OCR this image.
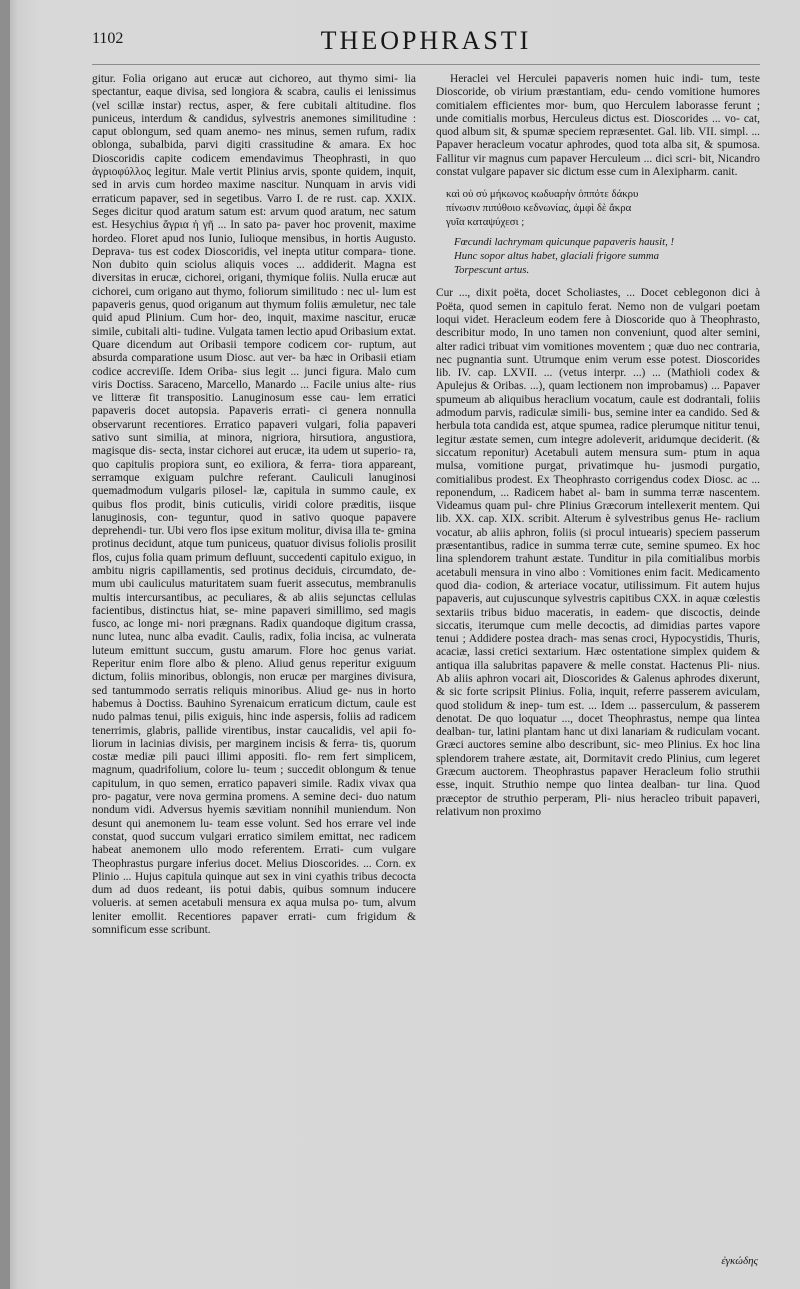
1102	THEOPHRASTI

gitur. Folia origano aut erucæ aut cichoreo, aut thymo simi- lia spectantur, eaque divisa, sed longiora & scabra, caulis ei lenissimus (vel scillæ instar) rectus, asper, & fere cubitali altitudine. flos puniceus, interdum & candidus, sylvestris anemones similitudine : caput oblongum, sed quam anemo- nes minus, semen rufum, radix oblonga, subalbida, parvi digiti crassitudine & amara. Ex hoc Dioscoridis capite codicem emendavimus Theophrasti, in quo ἀγριοφύλλος legitur. Male vertit Plinius arvis, sponte quidem, inquit, sed in arvis cum hordeo maxime nascitur. Nunquam in arvis vidi erraticum papaver, sed in segetibus. Varro I. de re rust. cap. XXIX. Seges dicitur quod aratum satum est: arvum quod aratum, nec satum est. Hesychius ἄγρια ἡ γῆ ... In sato pa- paver hoc provenit, maxime hordeo. Floret apud nos Iunio, Iulioque mensibus, in hortis Augusto. Deprava- tus est codex Dioscoridis, vel inepta utitur compara- tione. Non dubito quin sciolus aliquis voces ... addiderit. Magna est diversitas in erucæ, cichorei, origani, thymique foliis. Nulla erucæ aut cichorei, cum origano aut thymo, foliorum similitudo : nec ul- lum est papaveris genus, quod origanum aut thymum foliis æmuletur, nec tale quid apud Plinium. Cum hor- deo, inquit, maxime nascitur, erucæ simile, cubitali alti- tudine. Vulgata tamen lectio apud Oribasium extat. Quare dicendum aut Oribasii tempore codicem cor- ruptum, aut absurda comparatione usum Diosc. aut ver- ba hæc in Oribasii etiam codice accreviſſe. Idem Oriba- sius legit ... junci figura. Malo cum viris Doctiss. Saraceno, Marcello, Manardo ... Facile unius alte- rius ve litteræ fit transpositio. Lanuginosum esse cau- lem erratici papaveris docet autopsia. Papaveris errati- ci genera nonnulla observarunt recentiores. Erratico papaveri vulgari, folia papaveri sativo sunt similia, at minora, nigriora, hirsutiora, angustiora, magisque dis- secta, instar cichorei aut erucæ, ita udem ut superio- ra, quo capitulis propiora sunt, eo exiliora, & ferra- tiora appareant, serramque exiguam pulchre referant. Cauliculi lanuginosi quemadmodum vulgaris pilosel- læ, capitula in summo caule, ex quibus flos prodit, binis cuticulis, viridi colore præditis, iisque lanuginosis, con- teguntur, quod in sativo quoque papavere deprehendi- tur. Ubi vero flos ipse exitum molitur, divisa illa te- gmina protinus decidunt, atque tum puniceus, quatuor divisus foliolis prosilit flos, cujus folia quam primum defluunt, succedenti capitulo exiguo, in ambitu nigris capillamentis, sed protinus deciduis, circumdato, de- mum ubi cauliculus maturitatem suam fuerit assecutus, membranulis multis intercursantibus, ac peculiares, & ab aliis sejunctas cellulas facientibus, distinctus hiat, se- mine papaveri simillimo, sed magis fusco, ac longe mi- nori prægnans. Radix quandoque digitum crassa, nunc lutea, nunc alba evadit. Caulis, radix, folia incisa, ac vulnerata luteum emittunt succum, gustu amarum. Flore hoc genus variat. Reperitur enim flore albo & pleno. Aliud genus reperitur exiguum dictum, foliis minoribus, oblongis, non erucæ per margines divisura, sed tantummodo serratis reliquis minoribus. Aliud ge- nus in horto habemus à Doctiss. Bauhino Syrenaicum erraticum dictum, caule est nudo palmas tenui, pilis exiguis, hinc inde aspersis, foliis ad radicem tenerrimis, glabris, pallide virentibus, instar caucalidis, vel apii fo- liorum in lacinias divisis, per marginem incisis & ferra- tis, quorum costæ mediæ pili pauci illimi appositi. flo- rem fert simplicem, magnum, quadrifolium, colore lu- teum ; succedit oblongum & tenue capitulum, in quo semen, erratico papaveri simile. Radix vivax qua pro- pagatur, vere nova germina promens. A semine deci- duo natum nondum vidi. Adversus hyemis sævitiam nonnihil muniendum. Non desunt qui anemonem lu- team esse volunt. Sed hos errare vel inde constat, quod succum vulgari erratico similem emittat, nec radicem habeat anemonem ullo modo referentem. Errati- cum vulgare Theophrastus purgare inferius docet. Melius Dioscorides. ... Corn. ex Plinio ... Hujus capitula quinque aut sex in vini cyathis tribus decocta dum ad duos redeant, iis potui dabis, quibus somnum inducere volueris. at semen acetabuli mensura ex aqua mulsa po- tum, alvum leniter emollit. Recentiores papaver errati- cum frigidum & somnificum esse scribunt.

Heraclei vel Herculei papaveris nomen huic indi- tum, teste Dioscoride, ob virium præstantiam, edu- cendo vomitione humores comitialem efficientes mor- bum, quo Herculem laborasse ferunt ; unde comitialis morbus, Herculeus dictus est. Dioscorides ... vo- cat, quod album sit, & spumæ speciem repræsentet. Gal. lib. VII. simpl. ... Papaver heracleum vocatur aphrodes, quod tota alba sit, & spumosa. Fallitur vir magnus cum papaver Herculeum ... dici scri- bit, Nicandro constat vulgare papaver sic dictum esse cum in Alexipharm. canit.

καὶ οὐ σύ μήκωνος κωδυαρὴν ὁππότε δάκρυ
πίνωσιν πιπύθοιο κεδνωνίας, ἀμφὶ δὲ ἄκρα
γυῖα καταψύχεσι ;
Fœcundi lachrymam quicunque papaveris hausit, !
Hunc sopor altus habet, glaciali frigore summa
Torpescunt artus.

Cur ..., dixit poëta, docet Scholiastes, ... Docet ceblegonon dici à Poëta, quod semen in capitulo ferat. Nemo non de vulgari poetam loqui videt. Heracleum eodem fere à Dioscoride quo à Theophrasto, describitur modo, In uno tamen non conveniunt, quod alter semini, alter radici tribuat vim vomitiones moventem ; quæ duo nec contraria, nec pugnantia sunt. Utrumque enim verum esse potest. Dioscorides lib. IV. cap. LXVII. ... (vetus interpr. ...) ... (Mathioli codex & Apulejus & Oribas. ...), quam lectionem non improbamus) ... Papaver spumeum ab aliquibus heraclium vocatum, caule est dodrantali, foliis admodum parvis, radiculæ simili- bus, semine inter ea candido. Sed & herbula tota candida est, atque spumea, radice plerumque nititur tenui, legitur æstate semen, cum integre adoleverit, aridumque deciderit. (& siccatum reponitur) Acetabuli autem mensura sum- ptum in aqua mulsa, vomitione purgat, privatimque hu- jusmodi purgatio, comitialibus prodest. Ex Theophrasto corrigendus codex Diosc. ac ... reponendum, ... Radicem habet al- bam in summa terræ nascentem. Videamus quam pul- chre Plinius Græcorum intellexerit mentem. Qui lib. XX. cap. XIX. scribit. Alterum è sylvestribus genus He- raclium vocatur, ab aliis aphron, foliis (si procul intuearis) speciem passerum præsentantibus, radice in summa terræ cute, semine spumeo. Ex hoc lina splendorem trahunt æstate. Tunditur in pila comitialibus morbis acetabuli mensura in vino albo : Vomitiones enim facit. Medicamento quod dia- codion, & arteriace vocatur, utilissimum. Fit autem hujus papaveris, aut cujuscunque sylvestris capitibus CXX. in aquæ cœlestis sextariis tribus biduo maceratis, in eadem- que discoctis, deinde siccatis, iterumque cum melle decoctis, ad dimidias partes vapore tenui ; Addidere postea drach- mas senas croci, Hypocystidis, Thuris, acaciæ, lassi cretici sextarium. Hæc ostentatione simplex quidem & antiqua illa salubritas papavere & melle constat. Hactenus Pli- nius. Ab aliis aphron vocari ait, Dioscorides & Galenus aphrodes dixerunt, & sic forte scripsit Plinius. Folia, inquit, referre passerem aviculam, quod stolidum & inep- tum est. ... Idem ... passerculum, & passerem denotat. De quo loquatur ..., docet Theophrastus, nempe qua lintea dealban- tur, latini plantam hanc ut dixi lanariam & rudiculam vocant. Græci auctores semine albo describunt, sic- meo Plinius. Ex hoc lina splendorem trahere æstate, ait, Dormitavit credo Plinius, cum legeret Græcum auctorem. Theophrastus papaver Heracleum folio struthii esse, inquit. Struthio nempe quo lintea dealban- tur lina. Quod præceptor de struthio perperam, Pli- nius heracleo tribuit papaveri, relativum non proximo

ἐγκώδης
